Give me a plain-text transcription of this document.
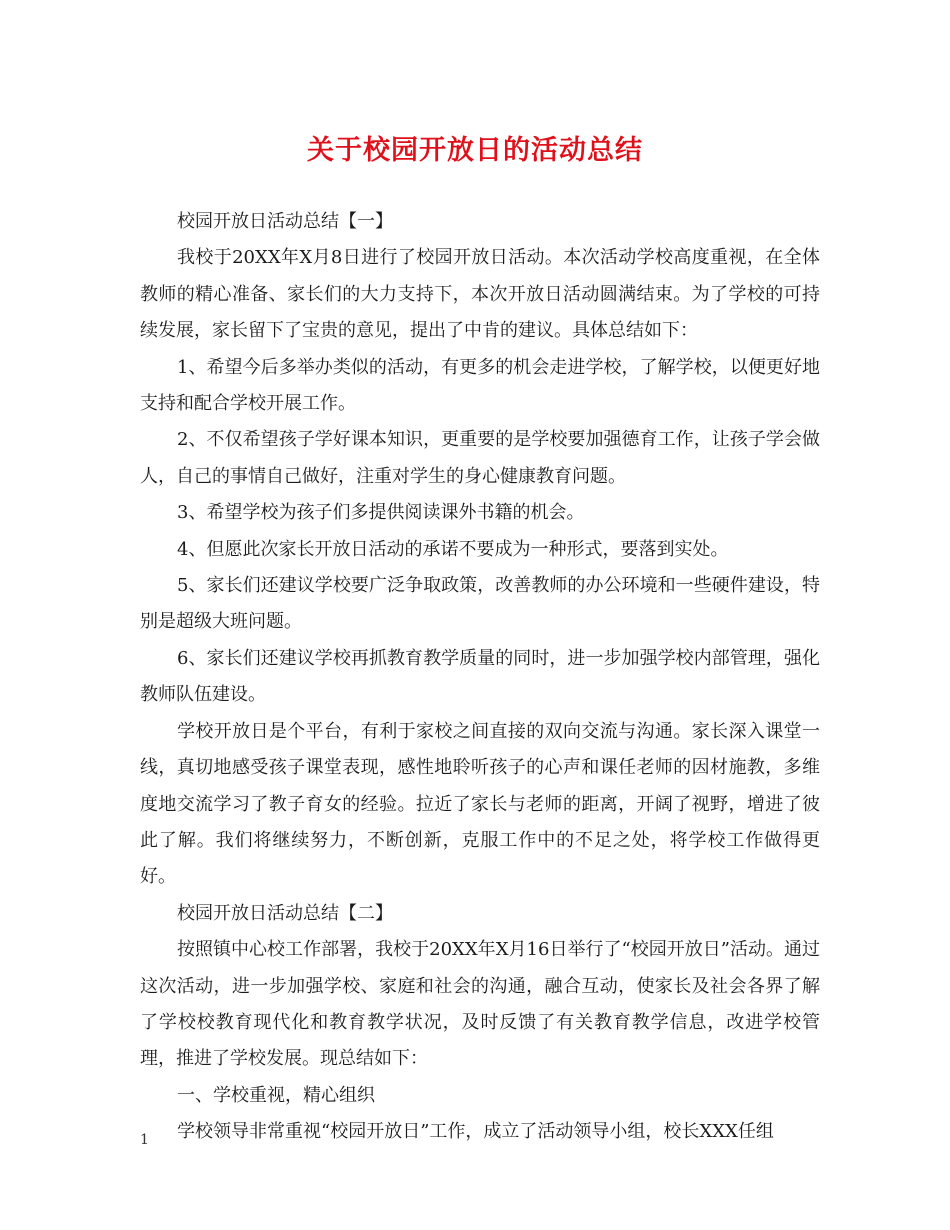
关于校园开放日的活动总结

校园开放日活动总结【一】

我校于20XX年X月8日进行了校园开放日活动。本次活动学校高度重视，在全体教师的精心准备、家长们的大力支持下，本次开放日活动圆满结束。为了学校的可持续发展，家长留下了宝贵的意见，提出了中肯的建议。具体总结如下：

1、希望今后多举办类似的活动，有更多的机会走进学校，了解学校，以便更好地支持和配合学校开展工作。

2、不仅希望孩子学好课本知识，更重要的是学校要加强德育工作，让孩子学会做人，自己的事情自己做好，注重对学生的身心健康教育问题。

3、希望学校为孩子们多提供阅读课外书籍的机会。

4、但愿此次家长开放日活动的承诺不要成为一种形式，要落到实处。

5、家长们还建议学校要广泛争取政策，改善教师的办公环境和一些硬件建设，特别是超级大班问题。

6、家长们还建议学校再抓教育教学质量的同时，进一步加强学校内部管理，强化教师队伍建设。

学校开放日是个平台，有利于家校之间直接的双向交流与沟通。家长深入课堂一线，真切地感受孩子课堂表现，感性地聆听孩子的心声和课任老师的因材施教，多维度地交流学习了教子育女的经验。拉近了家长与老师的距离，开阔了视野，增进了彼此了解。我们将继续努力，不断创新，克服工作中的不足之处，将学校工作做得更好。

校园开放日活动总结【二】

按照镇中心校工作部署，我校于20XX年X月16日举行了“校园开放日”活动。通过这次活动，进一步加强学校、家庭和社会的沟通，融合互动，使家长及社会各界了解了学校校教育现代化和教育教学状况，及时反馈了有关教育教学信息，改进学校管理，推进了学校发展。现总结如下：

一、学校重视，精心组织

学校领导非常重视“校园开放日”工作，成立了活动领导小组，校长XXX任组

1
